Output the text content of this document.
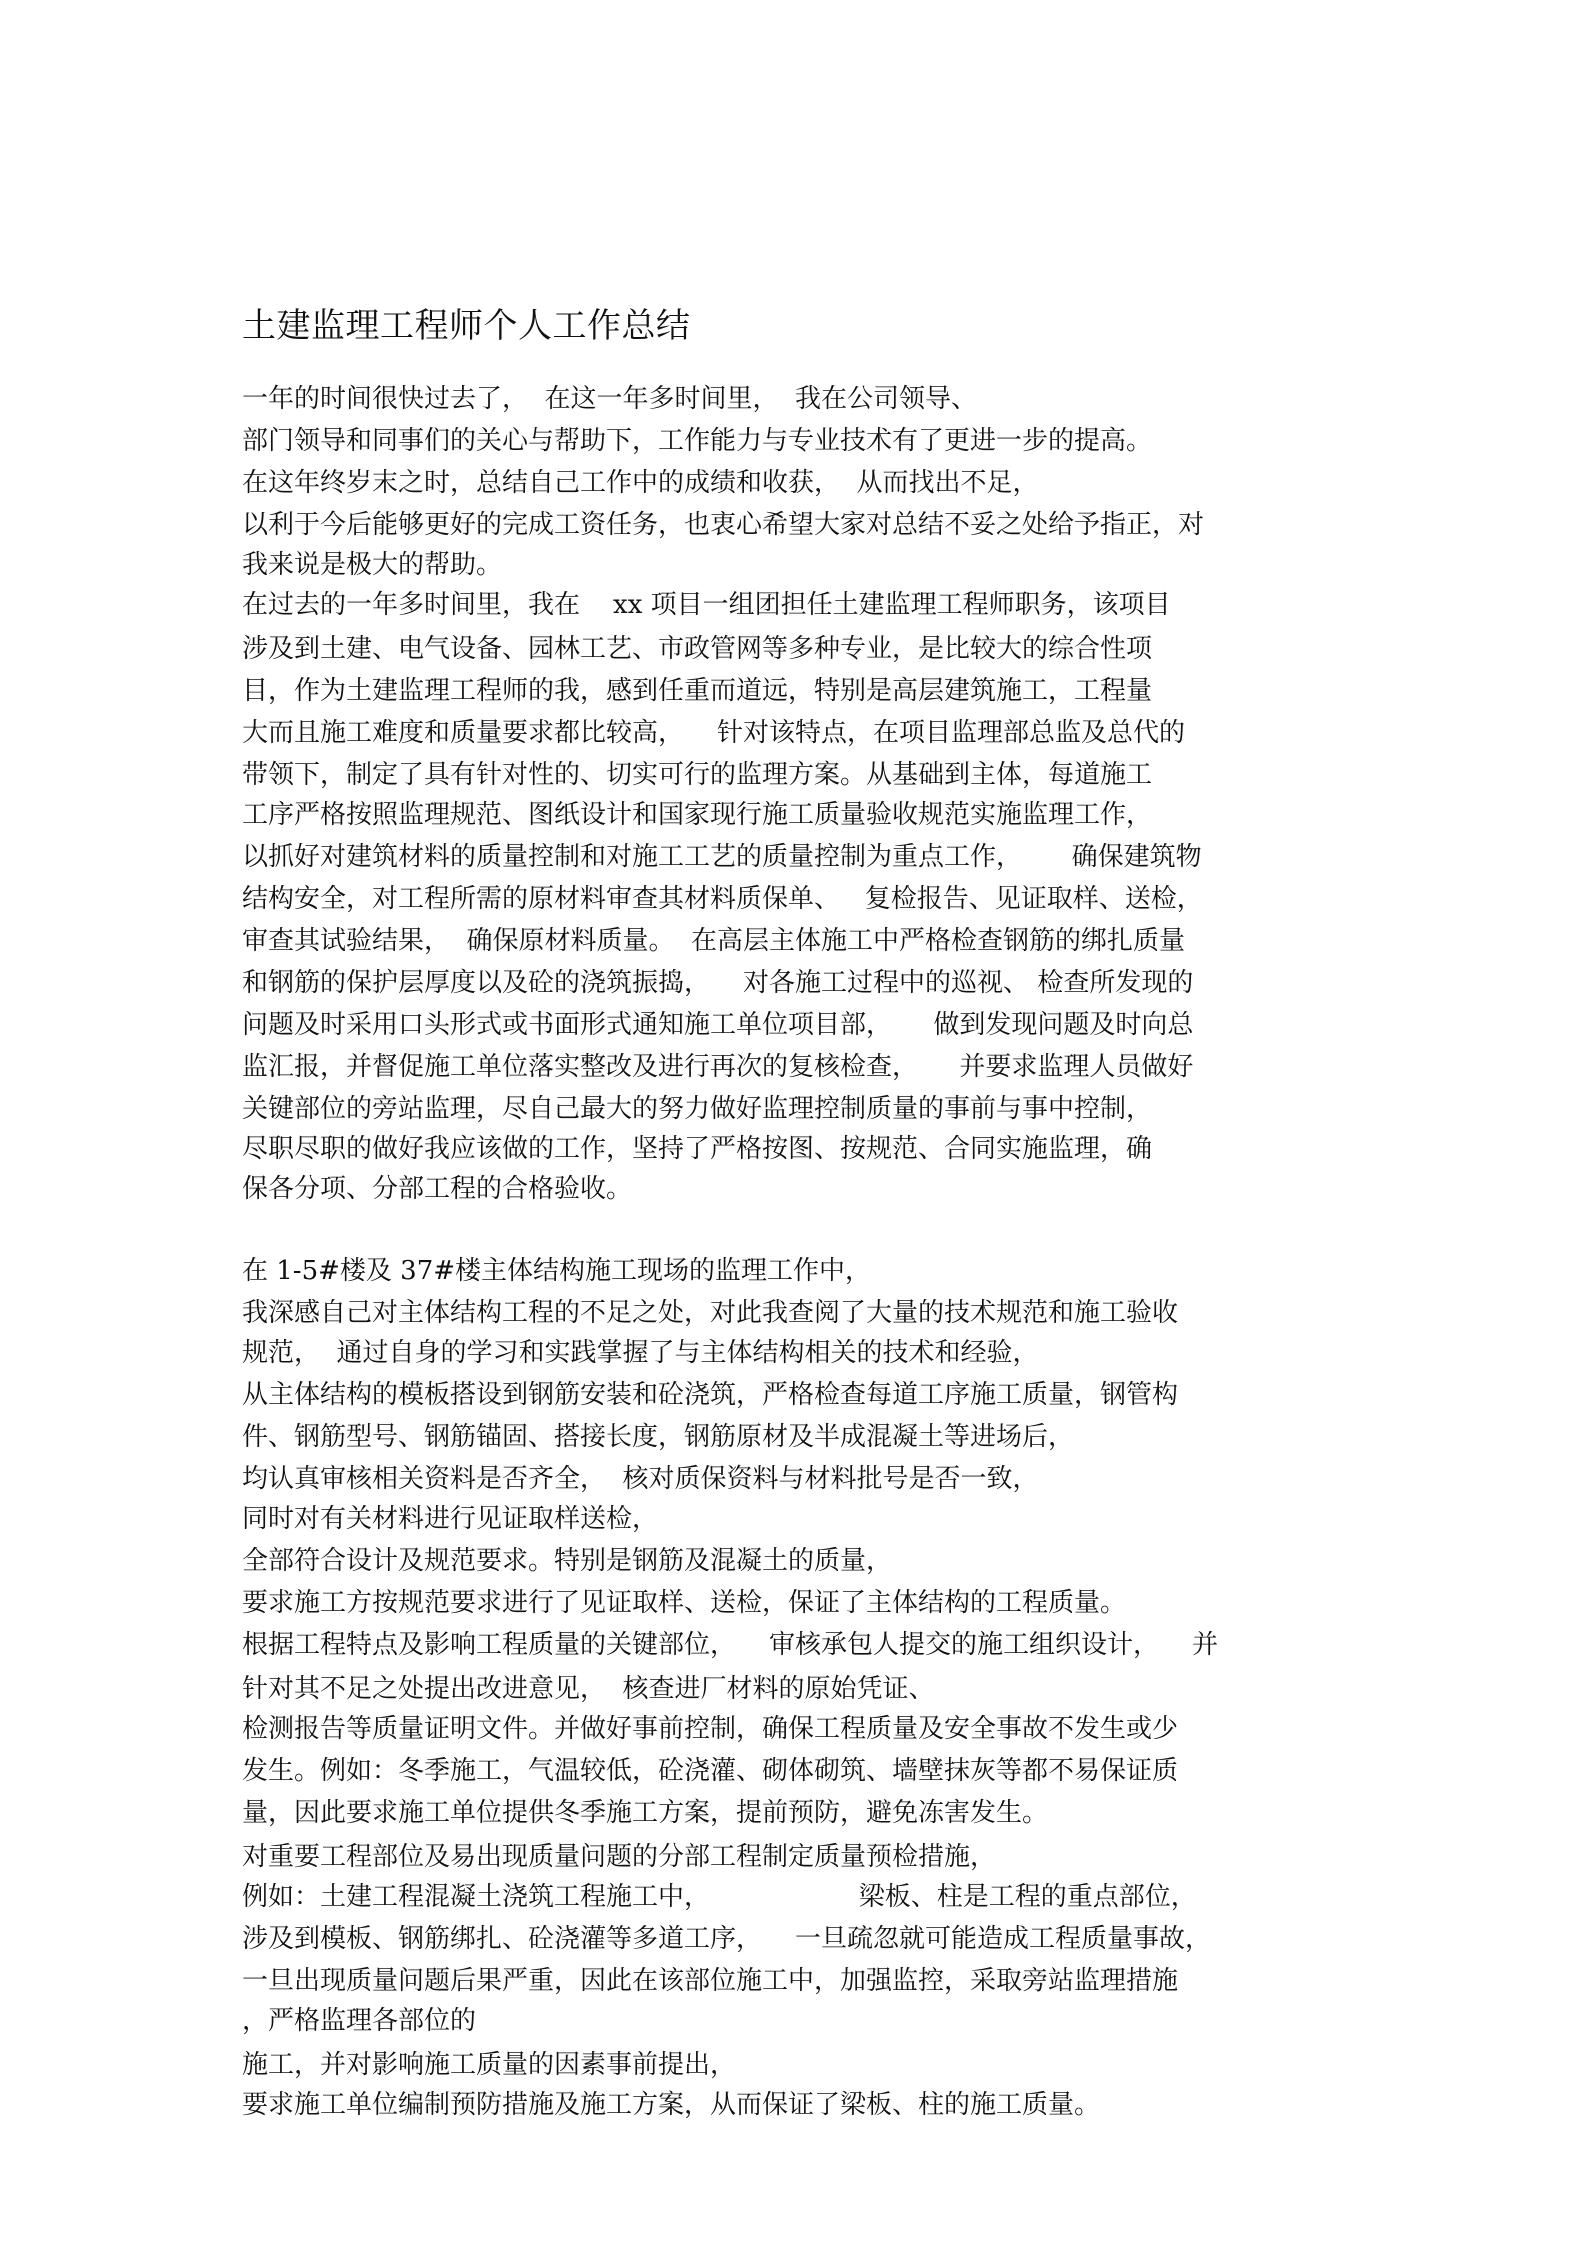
土建监理工程师个人工作总结
一年的时间很快过去了，  在这一年多时间里，  我在公司领导、
部门领导和同事们的关心与帮助下，工作能力与专业技术有了更进一步的提高。
在这年终岁末之时，总结自己工作中的成绩和收获，  从而找出不足，
以利于今后能够更好的完成工资任务，也衷心希望大家对总结不妥之处给予指正，对
我来说是极大的帮助。
在过去的一年多时间里，我在    xx 项目一组团担任土建监理工程师职务，该项目
涉及到土建、电气设备、园林工艺、市政管网等多种专业，是比较大的综合性项
目，作为土建监理工程师的我，感到任重而道远，特别是高层建筑施工，工程量
大而且施工难度和质量要求都比较高，    针对该特点，在项目监理部总监及总代的
带领下，制定了具有针对性的、切实可行的监理方案。从基础到主体，每道施工
工序严格按照监理规范、图纸设计和国家现行施工质量验收规范实施监理工作，
以抓好对建筑材料的质量控制和对施工工艺的质量控制为重点工作，      确保建筑物
结构安全，对工程所需的原材料审查其材料质保单、   复检报告、见证取样、送检，
审查其试验结果，  确保原材料质量。  在高层主体施工中严格检查钢筋的绑扎质量
和钢筋的保护层厚度以及砼的浇筑振捣，    对各施工过程中的巡视、 检查所发现的
问题及时采用口头形式或书面形式通知施工单位项目部，     做到发现问题及时向总
监汇报，并督促施工单位落实整改及进行再次的复核检查，     并要求监理人员做好
关键部位的旁站监理，尽自己最大的努力做好监理控制质量的事前与事中控制，
尽职尽职的做好我应该做的工作，坚持了严格按图、按规范、合同实施监理，确
保各分项、分部工程的合格验收。
在 1-5#楼及 37#楼主体结构施工现场的监理工作中，
我深感自己对主体结构工程的不足之处，对此我查阅了大量的技术规范和施工验收
规范，  通过自身的学习和实践掌握了与主体结构相关的技术和经验，
从主体结构的模板搭设到钢筋安装和砼浇筑，严格检查每道工序施工质量，钢管构
件、钢筋型号、钢筋锚固、搭接长度，钢筋原材及半成混凝土等进场后，
均认真审核相关资料是否齐全，  核对质保资料与材料批号是否一致，
同时对有关材料进行见证取样送检，
全部符合设计及规范要求。特别是钢筋及混凝土的质量，
要求施工方按规范要求进行了见证取样、送检，保证了主体结构的工程质量。
根据工程特点及影响工程质量的关键部位，    审核承包人提交的施工组织设计，    并
针对其不足之处提出改进意见，  核查进厂材料的原始凭证、
检测报告等质量证明文件。并做好事前控制，确保工程质量及安全事故不发生或少
发生。例如：冬季施工，气温较低，砼浇灌、砌体砌筑、墙壁抹灰等都不易保证质
量，因此要求施工单位提供冬季施工方案，提前预防，避免冻害发生。
对重要工程部位及易出现质量问题的分部工程制定质量预检措施，
例如：土建工程混凝土浇筑工程施工中，                  梁板、柱是工程的重点部位，
涉及到模板、钢筋绑扎、砼浇灌等多道工序，    一旦疏忽就可能造成工程质量事故，
一旦出现质量问题后果严重，因此在该部位施工中，加强监控，采取旁站监理措施
，严格监理各部位的
施工，并对影响施工质量的因素事前提出，
要求施工单位编制预防措施及施工方案，从而保证了梁板、柱的施工质量。
